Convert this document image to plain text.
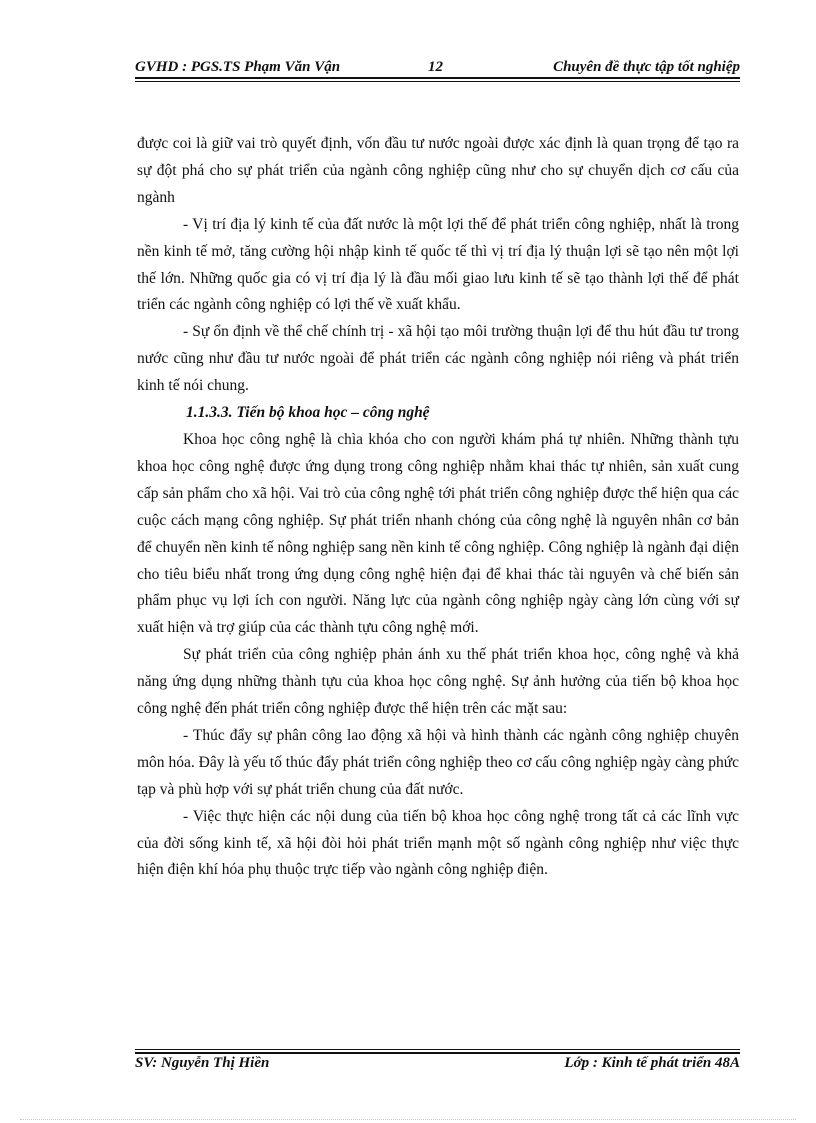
GVHD : PGS.TS Phạm Văn Vận	12	Chuyên đề thực tập tốt nghiệp

được coi là giữ vai trò quyết định, vốn đầu tư nước ngoài được xác định là quan trọng để tạo ra sự đột phá cho sự phát triển của ngành công nghiệp cũng như cho sự chuyển dịch cơ cấu của ngành

- Vị trí địa lý kinh tế của đất nước là một lợi thế để phát triển công nghiệp, nhất là trong nền kinh tế mở, tăng cường hội nhập kinh tế quốc tế thì vị trí địa lý thuận lợi sẽ tạo nên một lợi thế lớn. Những quốc gia có vị trí địa lý là đầu mối giao lưu kinh tế sẽ tạo thành lợi thế để phát triển các ngành công nghiệp có lợi thế về xuất khẩu.

- Sự ổn định về thể chế chính trị - xã hội tạo môi trường thuận lợi để thu hút đầu tư trong nước cũng như đầu tư nước ngoài để phát triển các ngành công nghiệp nói riêng và phát triển kinh tế nói chung.

1.1.3.3. Tiến bộ khoa học – công nghệ

Khoa học công nghệ là chìa khóa cho con người khám phá tự nhiên. Những thành tựu khoa học công nghệ được ứng dụng trong công nghiệp nhằm khai thác tự nhiên, sản xuất cung cấp sản phẩm cho xã hội. Vai trò của công nghệ tới phát triển công nghiệp được thể hiện qua các cuộc cách mạng công nghiệp. Sự phát triển nhanh chóng của công nghệ là nguyên nhân cơ bản để chuyển nền kinh tế nông nghiệp sang nền kinh tế công nghiệp. Công nghiệp là ngành đại diện cho tiêu biểu nhất trong ứng dụng công nghệ hiện đại để khai thác tài nguyên và chế biến sản phẩm phục vụ lợi ích con người. Năng lực của ngành công nghiệp ngày càng lớn cùng với sự xuất hiện và trợ giúp của các thành tựu công nghệ mới.

Sự phát triển của công nghiệp phản ánh xu thế phát triển khoa học, công nghệ và khả năng ứng dụng những thành tựu của khoa học công nghệ. Sự ảnh hưởng của tiến bộ khoa học công nghệ đến phát triển công nghiệp được thể hiện trên các mặt sau:

- Thúc đẩy sự phân công lao động xã hội và hình thành các ngành công nghiệp chuyên môn hóa. Đây là yếu tố thúc đẩy phát triển công nghiệp theo cơ cấu công nghiệp ngày càng phức tạp và phù hợp với sự phát triển chung của đất nước.

- Việc thực hiện các nội dung của tiến bộ khoa học công nghệ trong tất cả các lĩnh vực của đời sống kinh tế, xã hội đòi hỏi phát triển mạnh một số ngành công nghiệp như việc thực hiện điện khí hóa phụ thuộc trực tiếp vào ngành công nghiệp điện.

SV: Nguyễn Thị Hiền	Lớp : Kinh tế phát triển 48A
